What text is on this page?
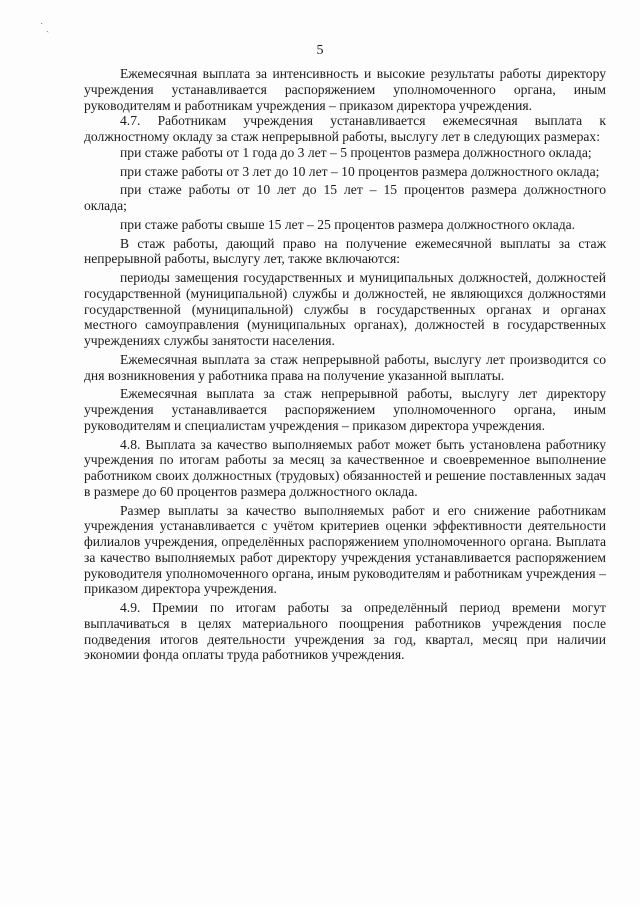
˙ ˎ
5

Ежемесячная выплата за интенсивность и высокие результаты работы директору учреждения устанавливается распоряжением уполномоченного органа, иным руководителям и работникам учреждения – приказом директора учреждения.

4.7. Работникам учреждения устанавливается ежемесячная выплата к должностному окладу за стаж непрерывной работы, выслугу лет в следующих размерах:

при стаже работы от 1 года до 3 лет – 5 процентов размера должностного оклада;

при стаже работы от 3 лет до 10 лет – 10 процентов размера должностного оклада;

при стаже работы от 10 лет до 15 лет – 15 процентов размера должностного оклада;

при стаже работы свыше 15 лет – 25 процентов размера должностного оклада.

В стаж работы, дающий право на получение ежемесячной выплаты за стаж непрерывной работы, выслугу лет, также включаются:

периоды замещения государственных и муниципальных должностей, должностей государственной (муниципальной) службы и должностей, не являющихся должностями государственной (муниципальной) службы в государственных органах и органах местного самоуправления (муниципальных органах), должностей в государственных учреждениях службы занятости населения.

Ежемесячная выплата за стаж непрерывной работы, выслугу лет производится со дня возникновения у работника права на получение указанной выплаты.

Ежемесячная выплата за стаж непрерывной работы, выслугу лет директору учреждения устанавливается распоряжением уполномоченного органа, иным руководителям и специалистам учреждения – приказом директора учреждения.

4.8. Выплата за качество выполняемых работ может быть установлена работнику учреждения по итогам работы за месяц за качественное и своевременное выполнение работником своих должностных (трудовых) обязанностей и решение поставленных задач в размере до 60 процентов размера должностного оклада.

Размер выплаты за качество выполняемых работ и его снижение работникам учреждения устанавливается с учётом критериев оценки эффективности деятельности филиалов учреждения, определённых распоряжением уполномоченного органа. Выплата за качество выполняемых работ директору учреждения устанавливается распоряжением руководителя уполномоченного органа, иным руководителям и работникам учреждения – приказом директора учреждения.

4.9. Премии по итогам работы за определённый период времени могут выплачиваться в целях материального поощрения работников учреждения после подведения итогов деятельности учреждения за год, квартал, месяц при наличии экономии фонда оплаты труда работников учреждения.
